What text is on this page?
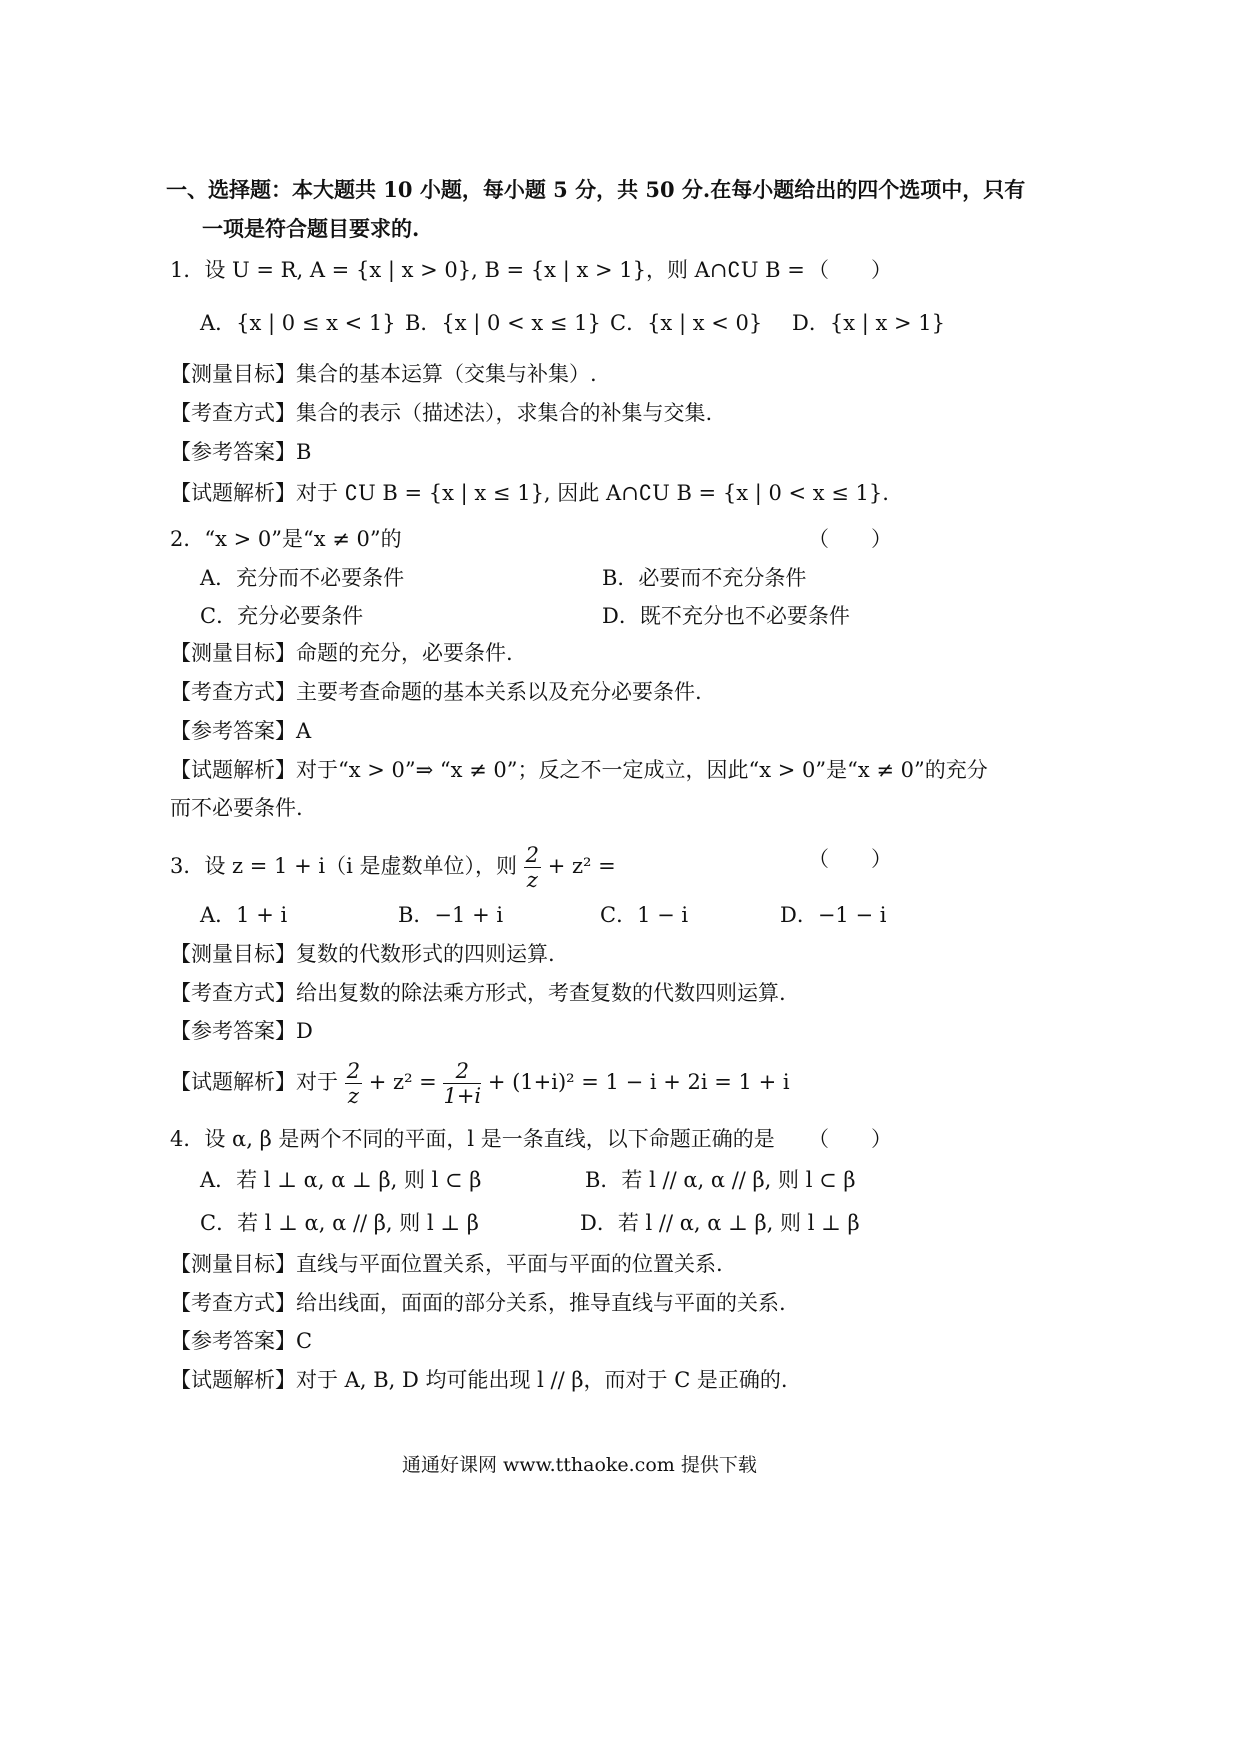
一、选择题：本大题共 10 小题，每小题 5 分，共 50 分.在每小题给出的四个选项中，只有
一项是符合题目要求的.
1．设 U = R, A = {x | x > 0}, B = {x | x > 1}，则 A∩∁U B = （　　）
A．{x | 0 ≤ x < 1} B．{x | 0 < x ≤ 1} C．{x | x < 0} D．{x | x > 1}
【测量目标】集合的基本运算（交集与补集）.
【考查方式】集合的表示（描述法），求集合的补集与交集.
【参考答案】B
【试题解析】对于 ∁U B = {x | x ≤ 1}, 因此 A∩∁U B = {x | 0 < x ≤ 1}.
2．“x > 0”是“x ≠ 0”的	（　　）
A．充分而不必要条件	B．必要而不充分条件
C．充分必要条件	D．既不充分也不必要条件
【测量目标】命题的充分，必要条件.
【考查方式】主要考查命题的基本关系以及充分必要条件.
【参考答案】A
【试题解析】对于“x > 0”⇒ “x ≠ 0”；反之不一定成立，因此“x > 0”是“x ≠ 0”的充分
而不必要条件.
3．设 z = 1 + i（i 是虚数单位），则 $\frac{2}{z} + z^2$ =	（　　）
A．1 + i	B．−1 + i	C．1 − i	D．−1 − i
【测量目标】复数的代数形式的四则运算.
【考查方式】给出复数的除法乘方形式，考查复数的代数四则运算.
【参考答案】D
【试题解析】对于 $\frac{2}{z} + z^2 = \frac{2}{1+i} + (1+i)^2 = 1 - i + 2i = 1 + i$
4．设 α, β 是两个不同的平面，l 是一条直线，以下命题正确的是 （　　）
A．若 l ⊥ α, α ⊥ β, 则 l ⊂ β	B．若 l // α, α // β, 则 l ⊂ β
C．若 l ⊥ α, α // β, 则 l ⊥ β	D．若 l // α, α ⊥ β, 则 l ⊥ β
【测量目标】直线与平面位置关系，平面与平面的位置关系.
【考查方式】给出线面，面面的部分关系，推导直线与平面的关系.
【参考答案】C
【试题解析】对于 A, B, D 均可能出现 l // β，而对于 C 是正确的.
通通好课网 www.tthaoke.com 提供下载
